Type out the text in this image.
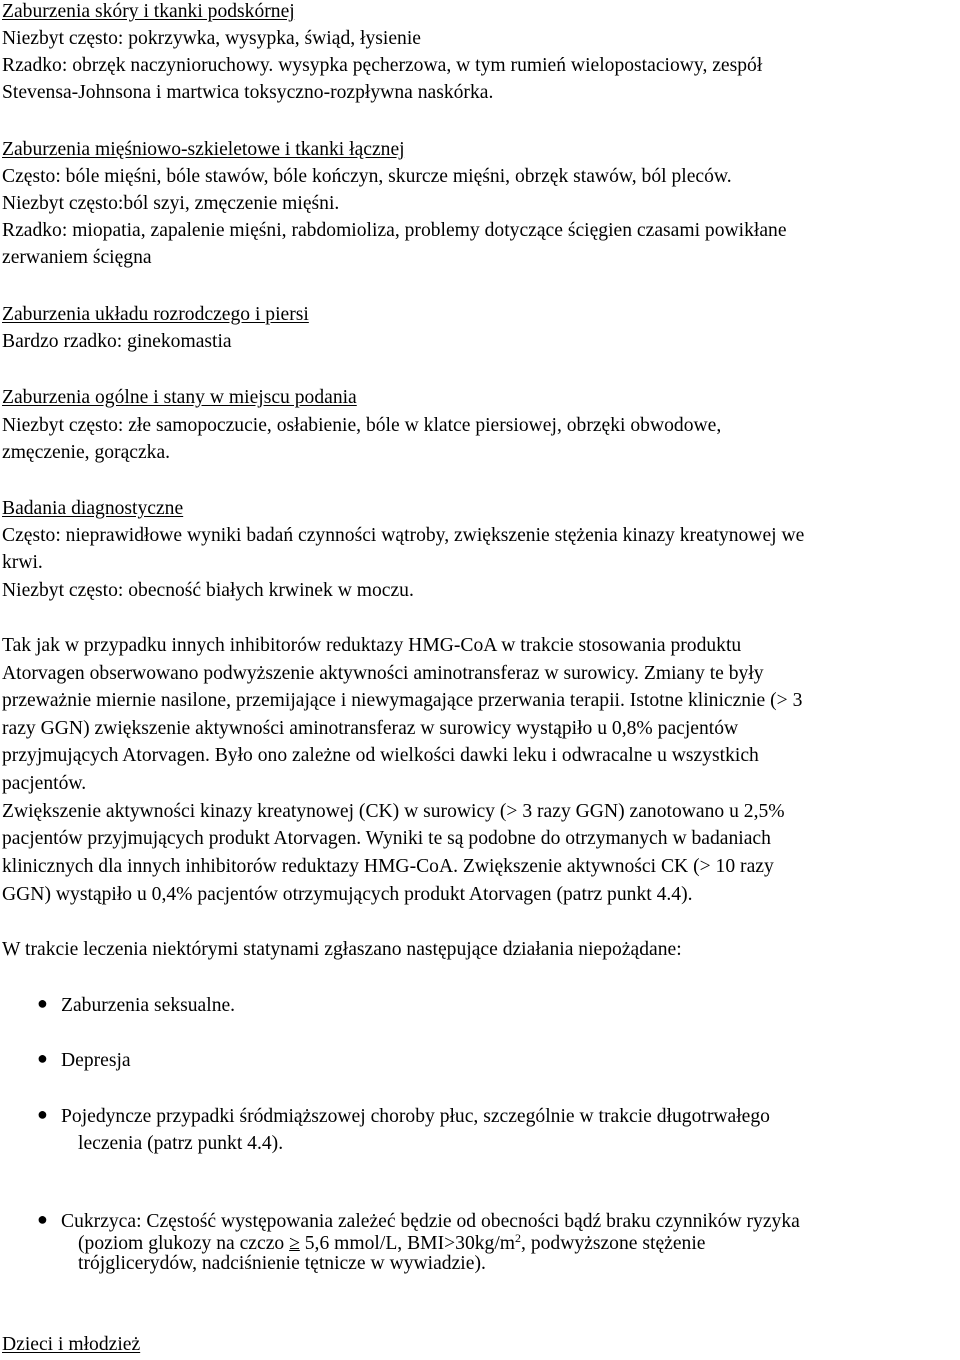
Zaburzenia skóry i tkanki podskórnej
Niezbyt często: pokrzywka, wysypka, świąd, łysienie
Rzadko: obrzęk naczynioruchowy. wysypka pęcherzowa, w tym rumień wielopostaciowy, zespół
Stevensa-Johnsona i martwica toksyczno-rozpływna naskórka.
Zaburzenia mięśniowo-szkieletowe i tkanki łącznej
Często: bóle mięśni, bóle stawów, bóle kończyn, skurcze mięśni, obrzęk stawów, ból pleców.
Niezbyt często:ból szyi, zmęczenie mięśni.
Rzadko: miopatia, zapalenie mięśni, rabdomioliza, problemy dotyczące ścięgien czasami powikłane
zerwaniem ścięgna
Zaburzenia układu rozrodczego i piersi
Bardzo rzadko: ginekomastia
Zaburzenia ogólne i stany w miejscu podania
Niezbyt często: złe samopoczucie, osłabienie, bóle w klatce piersiowej, obrzęki obwodowe,
zmęczenie, gorączka.
Badania diagnostyczne
Często: nieprawidłowe wyniki badań czynności wątroby, zwiększenie stężenia kinazy kreatynowej we
krwi.
Niezbyt często: obecność białych krwinek w moczu.
Tak jak w przypadku innych inhibitorów reduktazy HMG-CoA w trakcie stosowania produktu
Atorvagen obserwowano podwyższenie aktywności aminotransferaz w surowicy. Zmiany te były
przeważnie miernie nasilone, przemijające i niewymagające przerwania terapii. Istotne klinicznie (> 3
razy GGN) zwiększenie aktywności aminotransferaz w surowicy wystąpiło u 0,8% pacjentów
przyjmujących Atorvagen. Było ono zależne od wielkości dawki leku i odwracalne u wszystkich
pacjentów.
Zwiększenie aktywności kinazy kreatynowej (CK) w surowicy (> 3 razy GGN) zanotowano u 2,5%
pacjentów przyjmujących produkt Atorvagen. Wyniki te są podobne do otrzymanych w badaniach
klinicznych dla innych inhibitorów reduktazy HMG-CoA. Zwiększenie aktywności CK (> 10 razy
GGN) wystąpiło u 0,4% pacjentów otrzymujących produkt Atorvagen (patrz punkt 4.4).
W trakcie leczenia niektórymi statynami zgłaszano następujące działania niepożądane:
● Zaburzenia seksualne.
● Depresja
● Pojedyncze przypadki śródmiąższowej choroby płuc, szczególnie w trakcie długotrwałego
leczenia (patrz punkt 4.4).
● Cukrzyca: Częstość występowania zależeć będzie od obecności bądź braku czynników ryzyka
(poziom glukozy na czczo ≥ 5,6 mmol/L, $BMI>30kg/m^2$, podwyższone stężenie
trójglicerydów, nadciśnienie tętnicze w wywiadzie).
Dzieci i młodzież
